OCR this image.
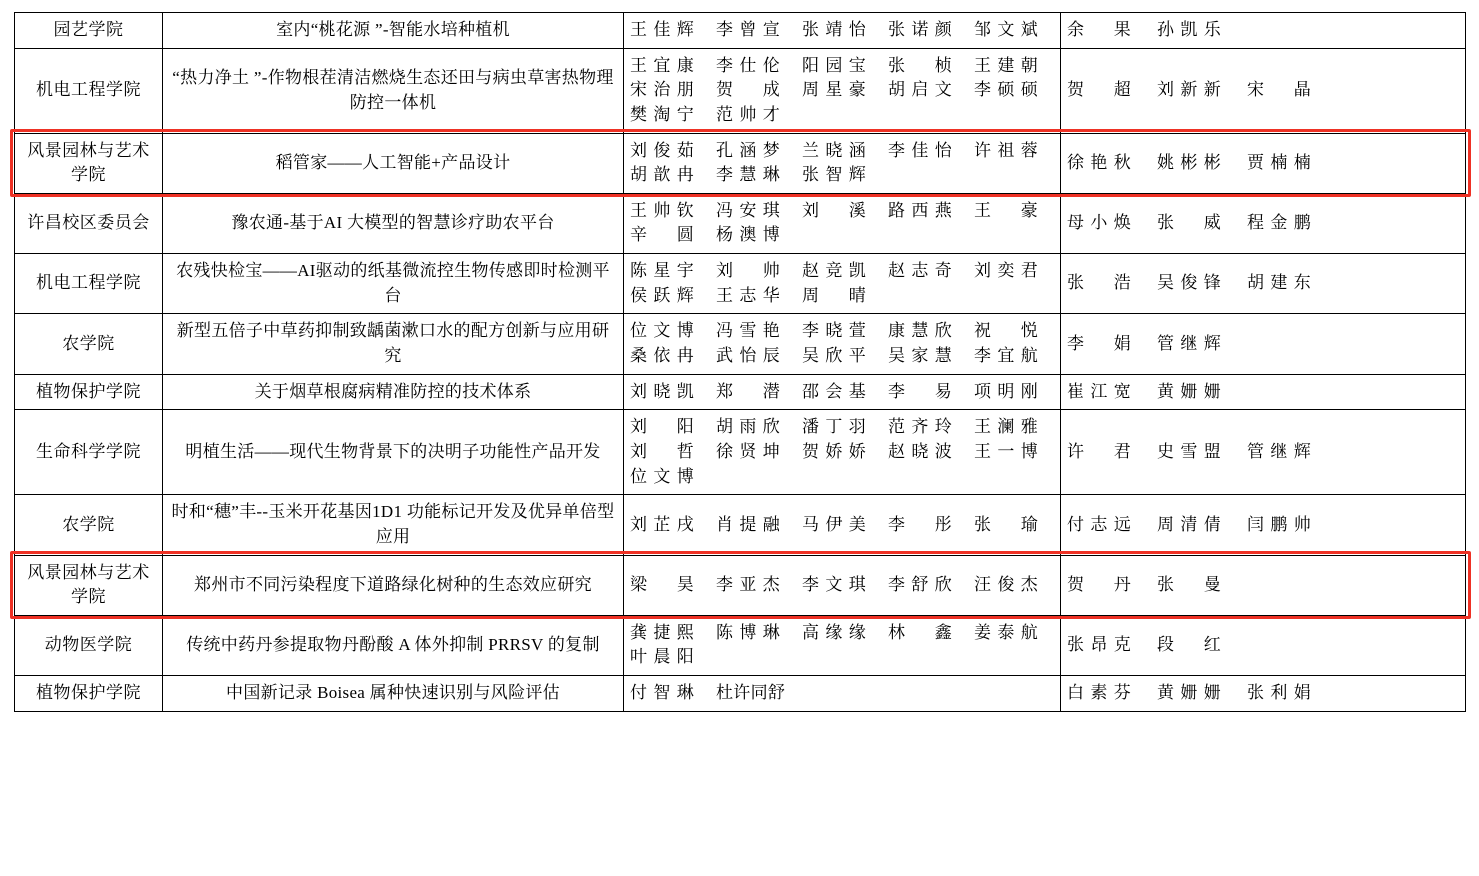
园艺学院	室内“桃花源 ”-智能水培种植机	王佳辉 李曾宣 张靖怡 张诺颜 邹文斌	余 果 孙凯乐

机电工程学院	“热力净土 ”-作物根茬清洁燃烧生态还田与病虫草害热物理防控一体机	王宜康 李仕伦 阳园宝 张 桢 王建朝
宋治朋 贺 成 周星豪 胡启文 李硕硕
樊淘宁 范帅才	贺 超 刘新新 宋 晶

风景园林与艺术学院	稻管家——人工智能+产品设计	刘俊茹 孔涵梦 兰晓涵 李佳怡 许祖蓉
胡歆冉 李慧琳 张智辉	徐艳秋 姚彬彬 贾楠楠

许昌校区委员会	豫农通-基于AI 大模型的智慧诊疗助农平台	王帅钦 冯安琪 刘 溪 路西燕 王 豪
辛 圆 杨澳博	母小焕 张 威 程金鹏

机电工程学院	农残快检宝——AI驱动的纸基微流控生物传感即时检测平台	陈星宇 刘 帅 赵竞凯 赵志奇 刘奕君
侯跃辉 王志华 周晴	张 浩 吴俊锋 胡建东

农学院	新型五倍子中草药抑制致龋菌漱口水的配方创新与应用研究	位文博 冯雪艳 李晓萱 康慧欣 祝 悦
桑依冉 武怡辰 吴欣平 吴家慧 李宜航	李 娟 管继辉

植物保护学院	关于烟草根腐病精准防控的技术体系	刘晓凯 郑 潜 邵会基 李 易 项明刚	崔江宽 黄姗姗

生命科学学院	明植生活——现代生物背景下的决明子功能性产品开发	刘 阳 胡雨欣 潘丁羽 范齐玲 王澜雅
刘 哲 徐贤坤 贺娇娇 赵晓波 王一博
位文博	许 君 史雪盟 管继辉

农学院	时和“穗”丰--玉米开花基因1D1 功能标记开发及优异单倍型应用	刘芷戌 肖提融 马伊美 李 彤 张 瑜	付志远 周清倩 闫鹏帅

风景园林与艺术学院	郑州市不同污染程度下道路绿化树种的生态效应研究	梁 昊 李亚杰 李文琪 李舒欣 汪俊杰	贺 丹 张 曼

动物医学院	传统中药丹参提取物丹酚酸 A 体外抑制 PRRSV 的复制	龚捷熙 陈博琳 高缘缘 林 鑫 姜泰航
叶晨阳	张昂克 段 红

植物保护学院	中国新记录 Boisea 属种快速识别与风险评估	付智琳 杜许同舒	白素芬 黄姗姗 张利娟
